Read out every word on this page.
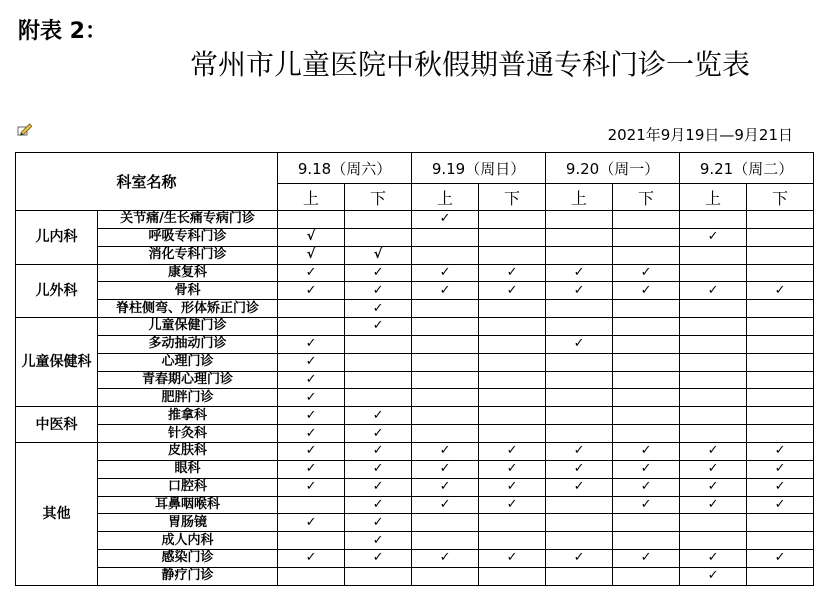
附表 2：
常州市儿童医院中秋假期普通专科门诊一览表
2021年9月19日—9月21日
科室名称		9.18（周六）		9.19（周日）		9.20（周一）		9.21（周二）	
		上	下	上	下	上	下	上	下
儿内科	关节痛/生长痛专病门诊			✓					
	呼吸专科门诊	√						✓	
	消化专科门诊	√	√						
儿外科	康复科	✓	✓	✓	✓	✓	✓		
	骨科	✓	✓	✓	✓	✓	✓	✓	✓
	脊柱侧弯、形体矫正门诊		✓						
儿童保健科	儿童保健门诊		✓						
	多动抽动门诊	✓				✓			
	心理门诊	✓							
	青春期心理门诊	✓							
	肥胖门诊	✓							
中医科	推拿科	✓	✓						
	针灸科	✓	✓						
其他	皮肤科	✓	✓	✓	✓	✓	✓	✓	✓
	眼科	✓	✓	✓	✓	✓	✓	✓	✓
	口腔科	✓	✓	✓	✓	✓	✓	✓	✓
	耳鼻咽喉科		✓	✓	✓		✓	✓	✓
	胃肠镜	✓	✓						
	成人内科		✓						
	感染门诊	✓	✓	✓	✓	✓	✓	✓	✓
	静疗门诊							✓	
